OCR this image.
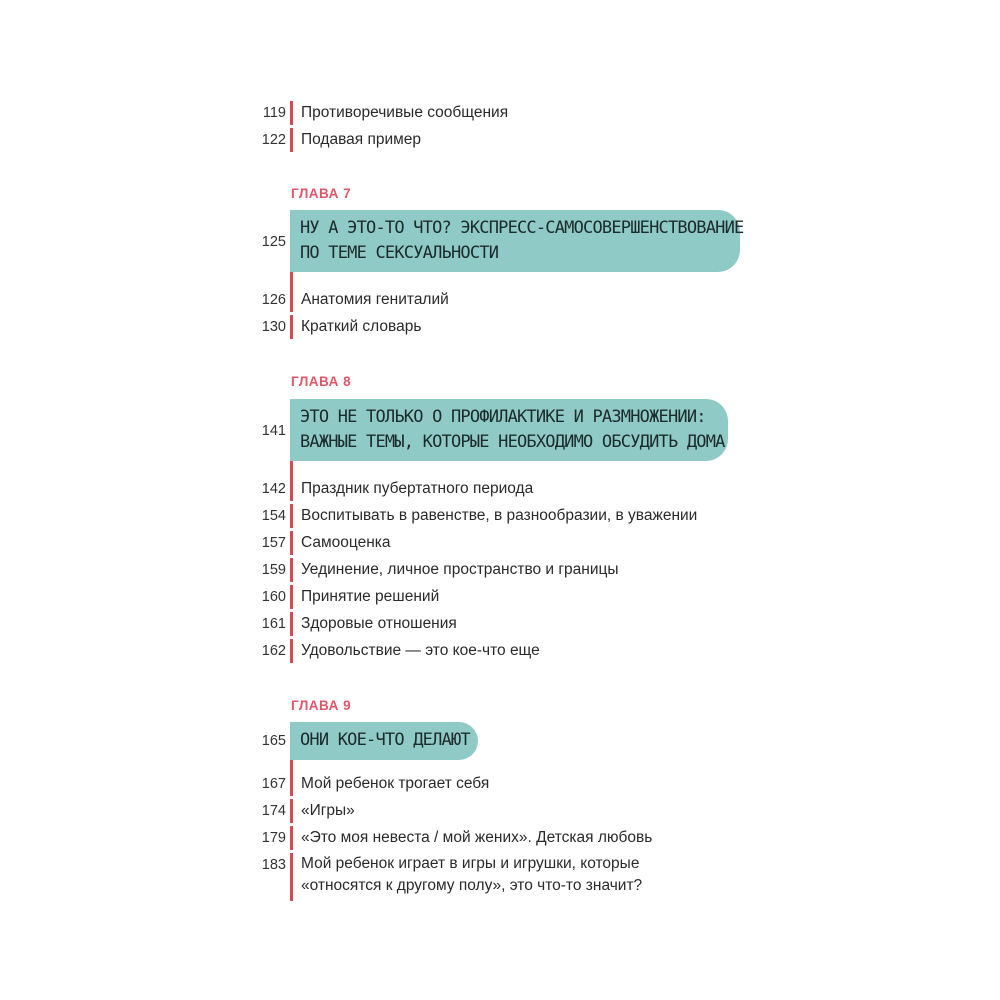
119 Противоречивые сообщения
122 Подавая пример
ГЛАВА 7
125
НУ А ЭТО-ТО ЧТО? ЭКСПРЕСС-САМОСОВЕРШЕНСТВОВАНИЕ
ПО ТЕМЕ СЕКСУАЛЬНОСТИ
126 Анатомия гениталий
130 Краткий словарь
ГЛАВА 8
141
ЭТО НЕ ТОЛЬКО О ПРОФИЛАКТИКЕ И РАЗМНОЖЕНИИ:
ВАЖНЫЕ ТЕМЫ, КОТОРЫЕ НЕОБХОДИМО ОБСУДИТЬ ДОМА
142 Праздник пубертатного периода
154 Воспитывать в равенстве, в разнообразии, в уважении
157 Самооценка
159 Уединение, личное пространство и границы
160 Принятие решений
161 Здоровые отношения
162 Удовольствие — это кое-что еще
ГЛАВА 9
165 ОНИ КОЕ-ЧТО ДЕЛАЮТ
167 Мой ребенок трогает себя
174 «Игры»
179 «Это моя невеста / мой жених». Детская любовь
183 Мой ребенок играет в игры и игрушки, которые
«относятся к другому полу», это что-то значит?
